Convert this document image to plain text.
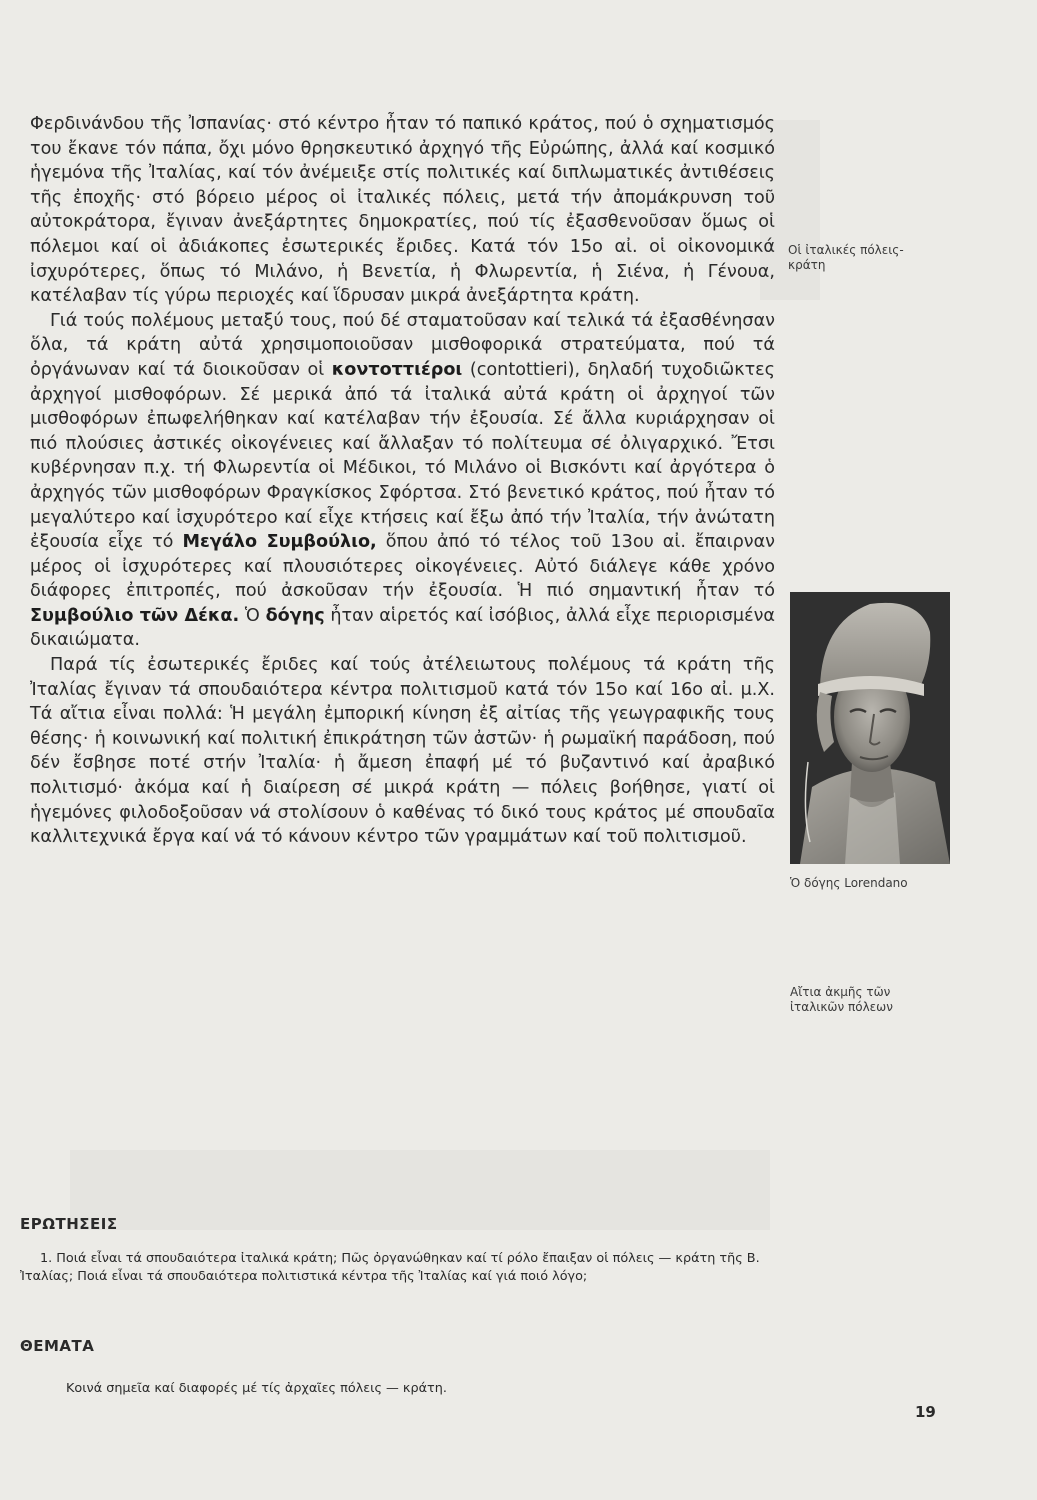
Φερδινάνδου τῆς Ἰσπανίας· στό κέντρο ἦταν τό παπικό κράτος, πού ὁ σχηματισμός του ἔκανε τόν πάπα, ὄχι μόνο θρησκευτικό ἀρχηγό τῆς Εὐρώπης, ἀλλά καί κοσμικό ἡγεμόνα τῆς Ἰταλίας, καί τόν ἀνέμειξε στίς πολιτικές καί διπλωματικές ἀντιθέσεις τῆς ἐποχῆς· στό βόρειο μέρος οἱ ἰταλικές πόλεις, μετά τήν ἀπομάκρυνση τοῦ αὐτοκράτορα, ἔγιναν ἀνεξάρτητες δημοκρατίες, πού τίς ἐξασθενοῦσαν ὅμως οἱ πόλεμοι καί οἱ ἀδιάκοπες ἐσωτερικές ἔριδες. Κατά τόν 15ο αἰ. οἱ οἰκονομικά ἰσχυρότερες, ὅπως τό Μιλάνο, ἡ Βενετία, ἡ Φλωρεντία, ἡ Σιένα, ἡ Γένουα, κατέλαβαν τίς γύρω περιοχές καί ἵδρυσαν μικρά ἀνεξάρτητα κράτη.

Γιά τούς πολέμους μεταξύ τους, πού δέ σταματοῦσαν καί τελικά τά ἐξασθένησαν ὅλα, τά κράτη αὐτά χρησιμοποιοῦσαν μισθοφορικά στρατεύματα, πού τά ὀργάνωναν καί τά διοικοῦσαν οἱ κοντοττιέροι (contottieri), δηλαδή τυχοδιῶκτες ἀρχηγοί μισθοφόρων. Σέ μερικά ἀπό τά ἰταλικά αὐτά κράτη οἱ ἀρχηγοί τῶν μισθοφόρων ἐπωφελήθηκαν καί κατέλαβαν τήν ἐξουσία. Σέ ἄλλα κυριάρχησαν οἱ πιό πλούσιες ἀστικές οἰκογένειες καί ἄλλαξαν τό πολίτευμα σέ ὀλιγαρχικό. Ἔτσι κυβέρνησαν π.χ. τή Φλωρεντία οἱ Μέδικοι, τό Μιλάνο οἱ Βισκόντι καί ἀργότερα ὁ ἀρχηγός τῶν μισθοφόρων Φραγκίσκος Σφόρτσα. Στό βενετικό κράτος, πού ἦταν τό μεγαλύτερο καί ἰσχυρότερο καί εἶχε κτήσεις καί ἔξω ἀπό τήν Ἰταλία, τήν ἀνώτατη ἐξουσία εἶχε τό Μεγάλο Συμβούλιο, ὅπου ἀπό τό τέλος τοῦ 13ου αἰ. ἔπαιρναν μέρος οἱ ἰσχυρότερες καί πλουσιότερες οἰκογένειες. Αὐτό διάλεγε κάθε χρόνο διάφορες ἐπιτροπές, πού ἀσκοῦσαν τήν ἐξουσία. Ἡ πιό σημαντική ἦταν τό Συμβούλιο τῶν Δέκα. Ὁ δόγης ἦταν αἱρετός καί ἰσόβιος, ἀλλά εἶχε περιορισμένα δικαιώματα.

Παρά τίς ἐσωτερικές ἔριδες καί τούς ἀτέλειωτους πολέμους τά κράτη τῆς Ἰταλίας ἔγιναν τά σπουδαιότερα κέντρα πολιτισμοῦ κατά τόν 15ο καί 16ο αἰ. μ.Χ. Τά αἴτια εἶναι πολλά: Ἡ μεγάλη ἐμπορική κίνηση ἐξ αἰτίας τῆς γεωγραφικῆς τους θέσης· ἡ κοινωνική καί πολιτική ἐπικράτηση τῶν ἀστῶν· ἡ ρωμαϊκή παράδοση, πού δέν ἔσβησε ποτέ στήν Ἰταλία· ἡ ἄμεση ἐπαφή μέ τό βυζαντινό καί ἀραβικό πολιτισμό· ἀκόμα καί ἡ διαίρεση σέ μικρά κράτη — πόλεις βοήθησε, γιατί οἱ ἡγεμόνες φιλοδοξοῦσαν νά στολίσουν ὁ καθένας τό δικό τους κράτος μέ σπουδαῖα καλλιτεχνικά ἔργα καί νά τό κάνουν κέντρο τῶν γραμμάτων καί τοῦ πολιτισμοῦ.

Οἱ ἰταλικές πόλεις-κράτη
Ὁ δόγης Lorendano
Αἴτια ἀκμῆς τῶν ἰταλικῶν πόλεων
ΕΡΩΤΗΣΕΙΣ

1. Ποιά εἶναι τά σπουδαιότερα ἰταλικά κράτη; Πῶς ὀργανώθηκαν καί τί ρόλο ἔπαιξαν οἱ πόλεις — κράτη τῆς Β. Ἰταλίας; Ποιά εἶναι τά σπουδαιότερα πολιτιστικά κέντρα τῆς Ἰταλίας καί γιά ποιό λόγο;

ΘΕΜΑΤΑ
Κοινά σημεῖα καί διαφορές μέ τίς ἀρχαῖες πόλεις — κράτη.
19
